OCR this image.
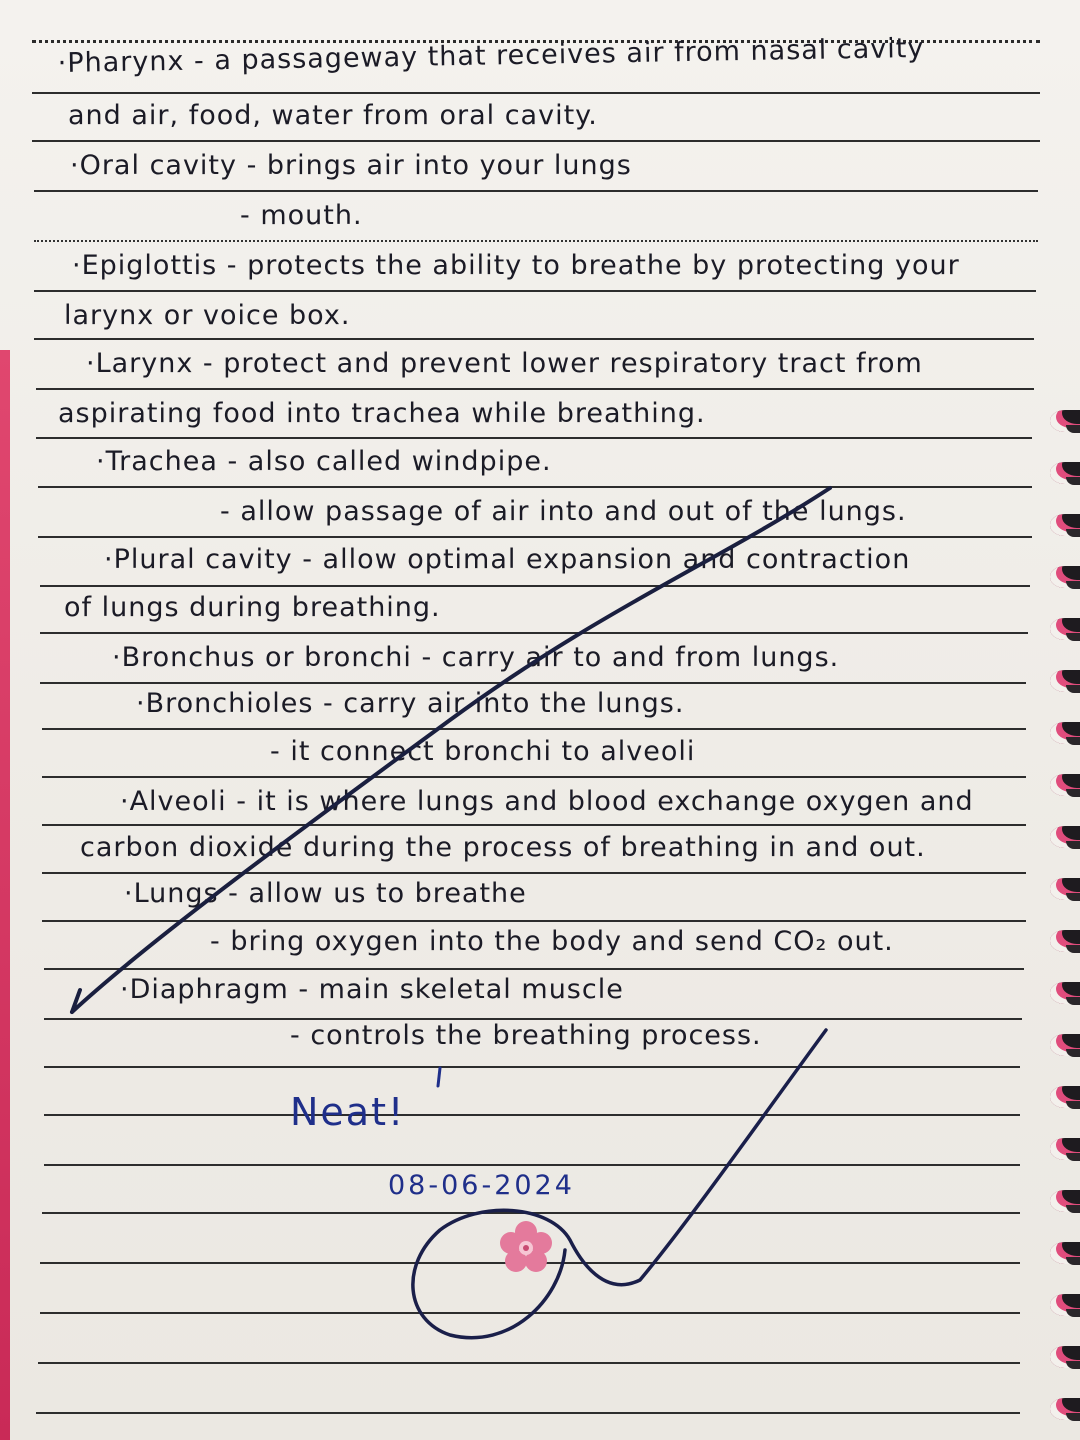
·Pharynx - a passageway that receives air from nasal cavity
and air, food, water from oral cavity.
·Oral cavity - brings air into your lungs
- mouth.
·Epiglottis - protects the ability to breathe by protecting your
larynx or voice box.
·Larynx - protect and prevent lower respiratory tract from
aspirating food into trachea while breathing.
·Trachea - also called windpipe.
- allow passage of air into and out of the lungs.
·Plural cavity - allow optimal expansion and contraction
of lungs during breathing.
·Bronchus or bronchi - carry air to and from lungs.
·Bronchioles - carry air into the lungs.
- it connect bronchi to alveoli
·Alveoli - it is where lungs and blood exchange oxygen and
carbon dioxide during the process of breathing in and out.
·Lungs - allow us to breathe
- bring oxygen into the body and send CO₂ out.
·Diaphragm - main skeletal muscle
- controls the breathing process.
Neat!
08-06-2024
